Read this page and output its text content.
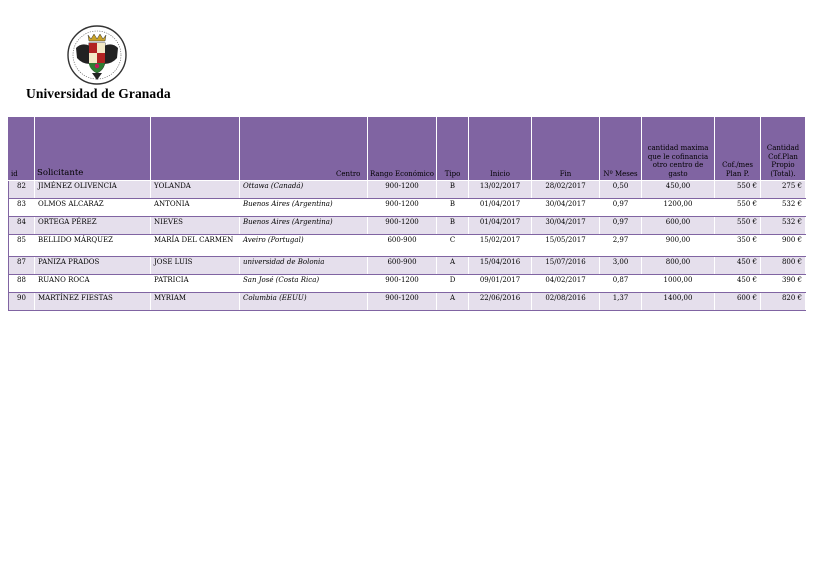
Universidad de Granada
id	Solicitante		Centro	Rango Económico	Tipo	Inicio	Fin	Nº Meses	cantidad maxima que le cofinancia otro centro de gasto	Cof./mes Plan P.	Cantidad Cof.Plan Propio (Total).
82	JIMÉNEZ OLIVENCIA	YOLANDA	Ottawa (Canadá)	900-1200	B	13/02/2017	28/02/2017	0,50	450,00	550 €	275 €
83	OLMOS ALCARAZ	ANTONIA	Buenos Aires (Argentina)	900-1200	B	01/04/2017	30/04/2017	0,97	1200,00	550 €	532 €
84	ORTEGA PÉREZ	NIEVES	Buenos Aires (Argentina)	900-1200	B	01/04/2017	30/04/2017	0,97	600,00	550 €	532 €
85	BELLIDO MÁRQUEZ	MARÍA DEL CARMEN	Aveiro (Portugal)	600-900	C	15/02/2017	15/05/2017	2,97	900,00	350 €	900 €
87	PANIZA PRADOS	JOSE LUIS	universidad de Bolonia	600-900	A	15/04/2016	15/07/2016	3,00	800,00	450 €	800 €
88	RUANO ROCA	PATRICIA	San José (Costa Rica)	900-1200	D	09/01/2017	04/02/2017	0,87	1000,00	450 €	390 €
90	MARTÍNEZ FIESTAS	MYRIAM	Columbia (EEUU)	900-1200	A	22/06/2016	02/08/2016	1,37	1400,00	600 €	820 €
